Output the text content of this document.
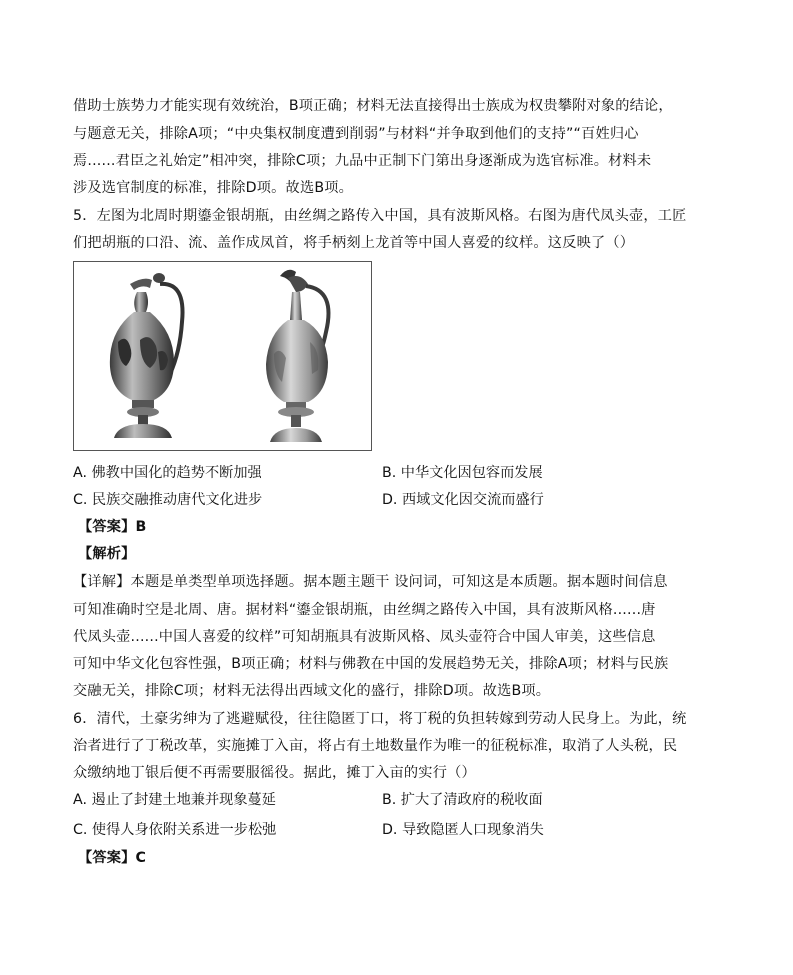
借助士族势力才能实现有效统治，B项正确；材料无法直接得出士族成为权贵攀附对象的结论，
与题意无关，排除A项；“中央集权制度遭到削弱”与材料“并争取到他们的支持”“百姓归心
焉......君臣之礼始定”相冲突，排除C项；九品中正制下门第出身逐渐成为选官标准。材料未
涉及选官制度的标准，排除D项。故选B项。
5．左图为北周时期鎏金银胡瓶，由丝绸之路传入中国，具有波斯风格。右图为唐代凤头壶，工匠
们把胡瓶的口沿、流、盖作成凤首，将手柄刻上龙首等中国人喜爱的纹样。这反映了（）
A. 佛教中国化的趋势不断加强	B. 中华文化因包容而发展
C. 民族交融推动唐代文化进步	D. 西域文化因交流而盛行
【答案】B
【解析】
【详解】本题是单类型单项选择题。据本题主题干 设问词，可知这是本质题。据本题时间信息
可知准确时空是北周、唐。据材料“鎏金银胡瓶，由丝绸之路传入中国，具有波斯风格......唐
代凤头壶......中国人喜爱的纹样”可知胡瓶具有波斯风格、凤头壶符合中国人审美，这些信息
可知中华文化包容性强，B项正确；材料与佛教在中国的发展趋势无关，排除A项；材料与民族
交融无关，排除C项；材料无法得出西域文化的盛行，排除D项。故选B项。
6．清代，土豪劣绅为了逃避赋役，往往隐匿丁口，将丁税的负担转嫁到劳动人民身上。为此，统
治者进行了丁税改革，实施摊丁入亩，将占有土地数量作为唯一的征税标准，取消了人头税，民
众缴纳地丁银后便不再需要服徭役。据此，摊丁入亩的实行（）
A. 遏止了封建土地兼并现象蔓延	B. 扩大了清政府的税收面
C. 使得人身依附关系进一步松弛	D. 导致隐匿人口现象消失
【答案】C
